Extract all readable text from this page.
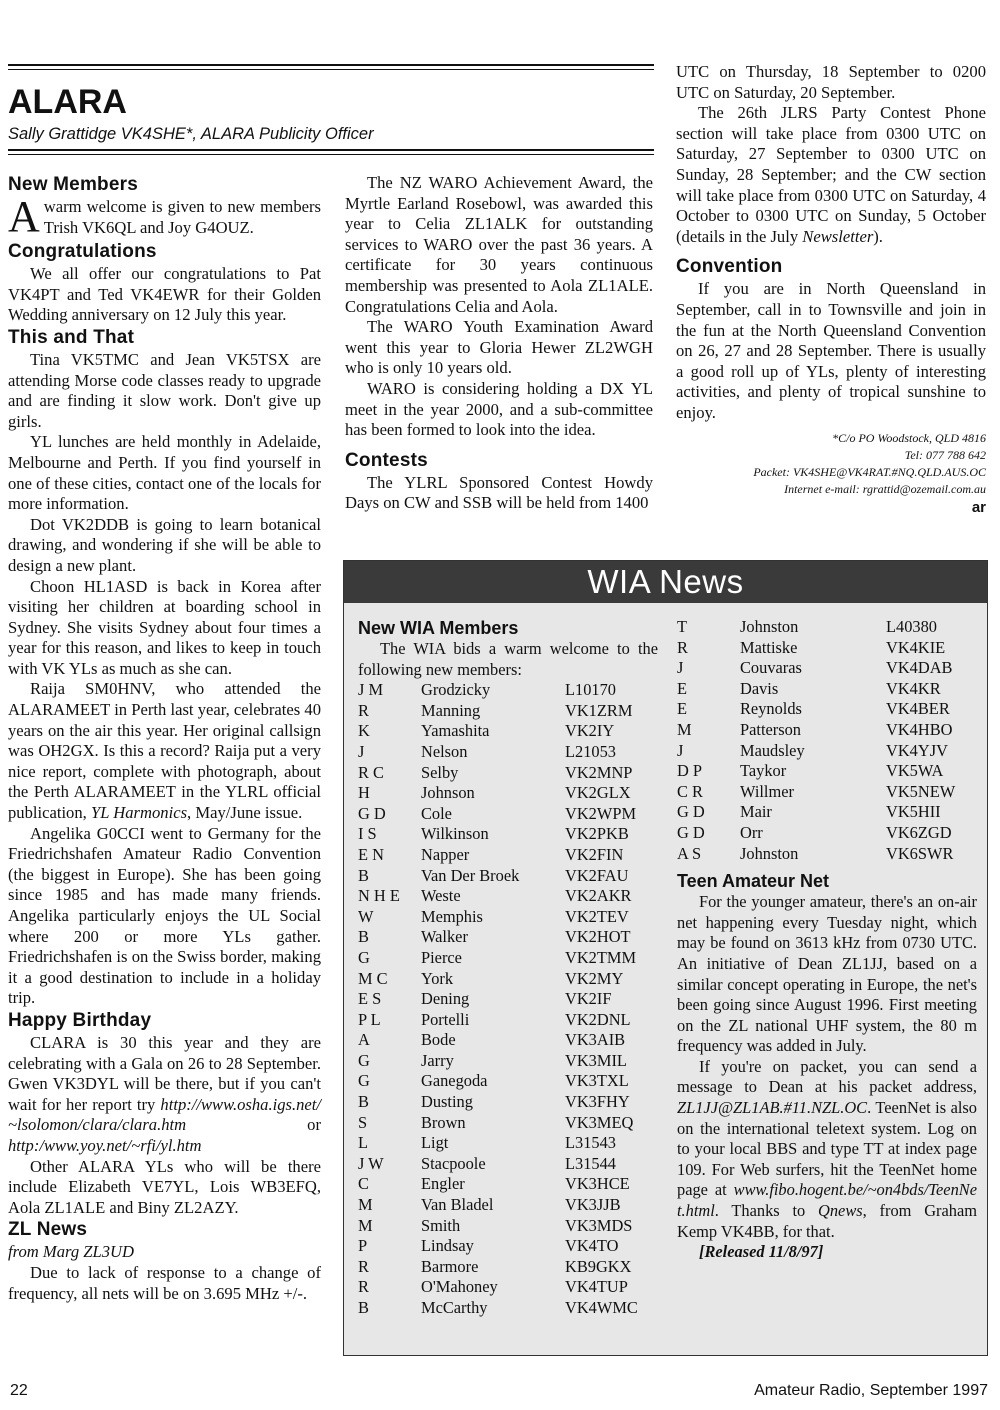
ALARA
Sally Grattidge VK4SHE*, ALARA Publicity Officer
New Members

Awarm welcome is given to new members Trish VK6QL and Joy G4OUZ.

Congratulations

We all offer our congratulations to Pat VK4PT and Ted VK4EWR for their Golden Wedding anniversary on 12 July this year.

This and That

Tina VK5TMC and Jean VK5TSX are attending Morse code classes ready to upgrade and are finding it slow work. Don't give up girls.

YL lunches are held monthly in Adelaide, Melbourne and Perth. If you find yourself in one of these cities, contact one of the locals for more information.

Dot VK2DDB is going to learn botanical drawing, and wondering if she will be able to design a new plant.

Choon HL1ASD is back in Korea after visiting her children at boarding school in Sydney. She visits Sydney about four times a year for this reason, and likes to keep in touch with VK YLs as much as she can.

Raija SM0HNV, who attended the ALARAMEET in Perth last year, celebrates 40 years on the air this year. Her original callsign was OH2GX. Is this a record? Raija put a very nice report, complete with photograph, about the Perth ALARAMEET in the YLRL official publication, YL Harmonics, May/June issue.

Angelika G0CCI went to Germany for the Friedrichshafen Amateur Radio Convention (the biggest in Europe). She has been going since 1985 and has made many friends. Angelika particularly enjoys the UL Social where 200 or more YLs gather. Friedrichshafen is on the Swiss border, making it a good destination to include in a holiday trip.

Happy Birthday

CLARA is 30 this year and they are celebrating with a Gala on 26 to 28 September. Gwen VK3DYL will be there, but if you can't wait for her report try http://www.osha.igs.net/~lsolomon/clara/clara.htm or http:/www.yoy.net/~rfi/yl.htm

Other ALARA YLs who will be there include Elizabeth VE7YL, Lois WB3EFQ, Aola ZL1ALE and Biny ZL2AZY.

ZL News

from Marg ZL3UD

Due to lack of response to a change of frequency, all nets will be on 3.695 MHz +/-.

The NZ WARO Achievement Award, the Myrtle Earland Rosebowl, was awarded this year to Celia ZL1ALK for outstanding services to WARO over the past 36 years. A certificate for 30 years continuous membership was presented to Aola ZL1ALE. Congratulations Celia and Aola.

The WARO Youth Examination Award went this year to Gloria Hewer ZL2WGH who is only 10 years old.

WARO is considering holding a DX YL meet in the year 2000, and a sub-committee has been formed to look into the idea.

Contests

The YLRL Sponsored Contest Howdy Days on CW and SSB will be held from 1400

UTC on Thursday, 18 September to 0200 UTC on Saturday, 20 September.

The 26th JLRS Party Contest Phone section will take place from 0300 UTC on Saturday, 27 September to 0300 UTC on Sunday, 28 September; and the CW section will take place from 0300 UTC on Saturday, 4 October to 0300 UTC on Sunday, 5 October (details in the July Newsletter).

Convention

If you are in North Queensland in September, call in to Townsville and join in the fun at the North Queensland Convention on 26, 27 and 28 September. There is usually a good roll up of YLs, plenty of interesting activities, and plenty of tropical sunshine to enjoy.

*C/o PO Woodstock, QLD 4816

Tel: 077 788 642

Packet: VK4SHE@VK4RAT.#NQ.QLD.AUS.OC

Internet e-mail: rgrattid@ozemail.com.au

ar
WIA News
New WIA Members

The WIA bids a warm welcome to the following new members:

J M	Grodzicky	L10170
R	Manning	VK1ZRM
K	Yamashita	VK2IY
J	Nelson	L21053
R C	Selby	VK2MNP
H	Johnson	VK2GLX
G D	Cole	VK2WPM
I S	Wilkinson	VK2PKB
E N	Napper	VK2FIN
B	Van Der Broek	VK2FAU
N H E	Weste	VK2AKR
W	Memphis	VK2TEV
B	Walker	VK2HOT
G	Pierce	VK2TMM
M C	York	VK2MY
E S	Dening	VK2IF
P L	Portelli	VK2DNL
A	Bode	VK3AIB
G	Jarry	VK3MIL
G	Ganegoda	VK3TXL
B	Dusting	VK3FHY
S	Brown	VK3MEQ
L	Ligt	L31543
J W	Stacpoole	L31544
C	Engler	VK3HCE
M	Van Bladel	VK3JJB
M	Smith	VK3MDS
P	Lindsay	VK4TO
R	Barmore	KB9GKX
R	O'Mahoney	VK4TUP
B	McCarthy	VK4WMC
T	Johnston	L40380
R	Mattiske	VK4KIE
J	Couvaras	VK4DAB
E	Davis	VK4KR
E	Reynolds	VK4BER
M	Patterson	VK4HBO
J	Maudsley	VK4YJV
D P	Taykor	VK5WA
C R	Willmer	VK5NEW
G D	Mair	VK5HII
G D	Orr	VK6ZGD
A S	Johnston	VK6SWR
Teen Amateur Net

For the younger amateur, there's an on-air net happening every Tuesday night, which may be found on 3613 kHz from 0730 UTC. An initiative of Dean ZL1JJ, based on a similar concept operating in Europe, the net's been going since August 1996. First meeting on the ZL national UHF system, the 80 m frequency was added in July.

If you're on packet, you can send a message to Dean at his packet address, ZL1JJ@ZL1AB.#11.NZL.OC. TeenNet is also on the international teletext system. Log on to your local BBS and type TT at index page 109. For Web surfers, hit the TeenNet home page at www.fibo.hogent.be/~on4bds/TeenNet.html. Thanks to Qnews, from Graham Kemp VK4BB, for that.

[Released 11/8/97]

22	Amateur Radio, September 1997
